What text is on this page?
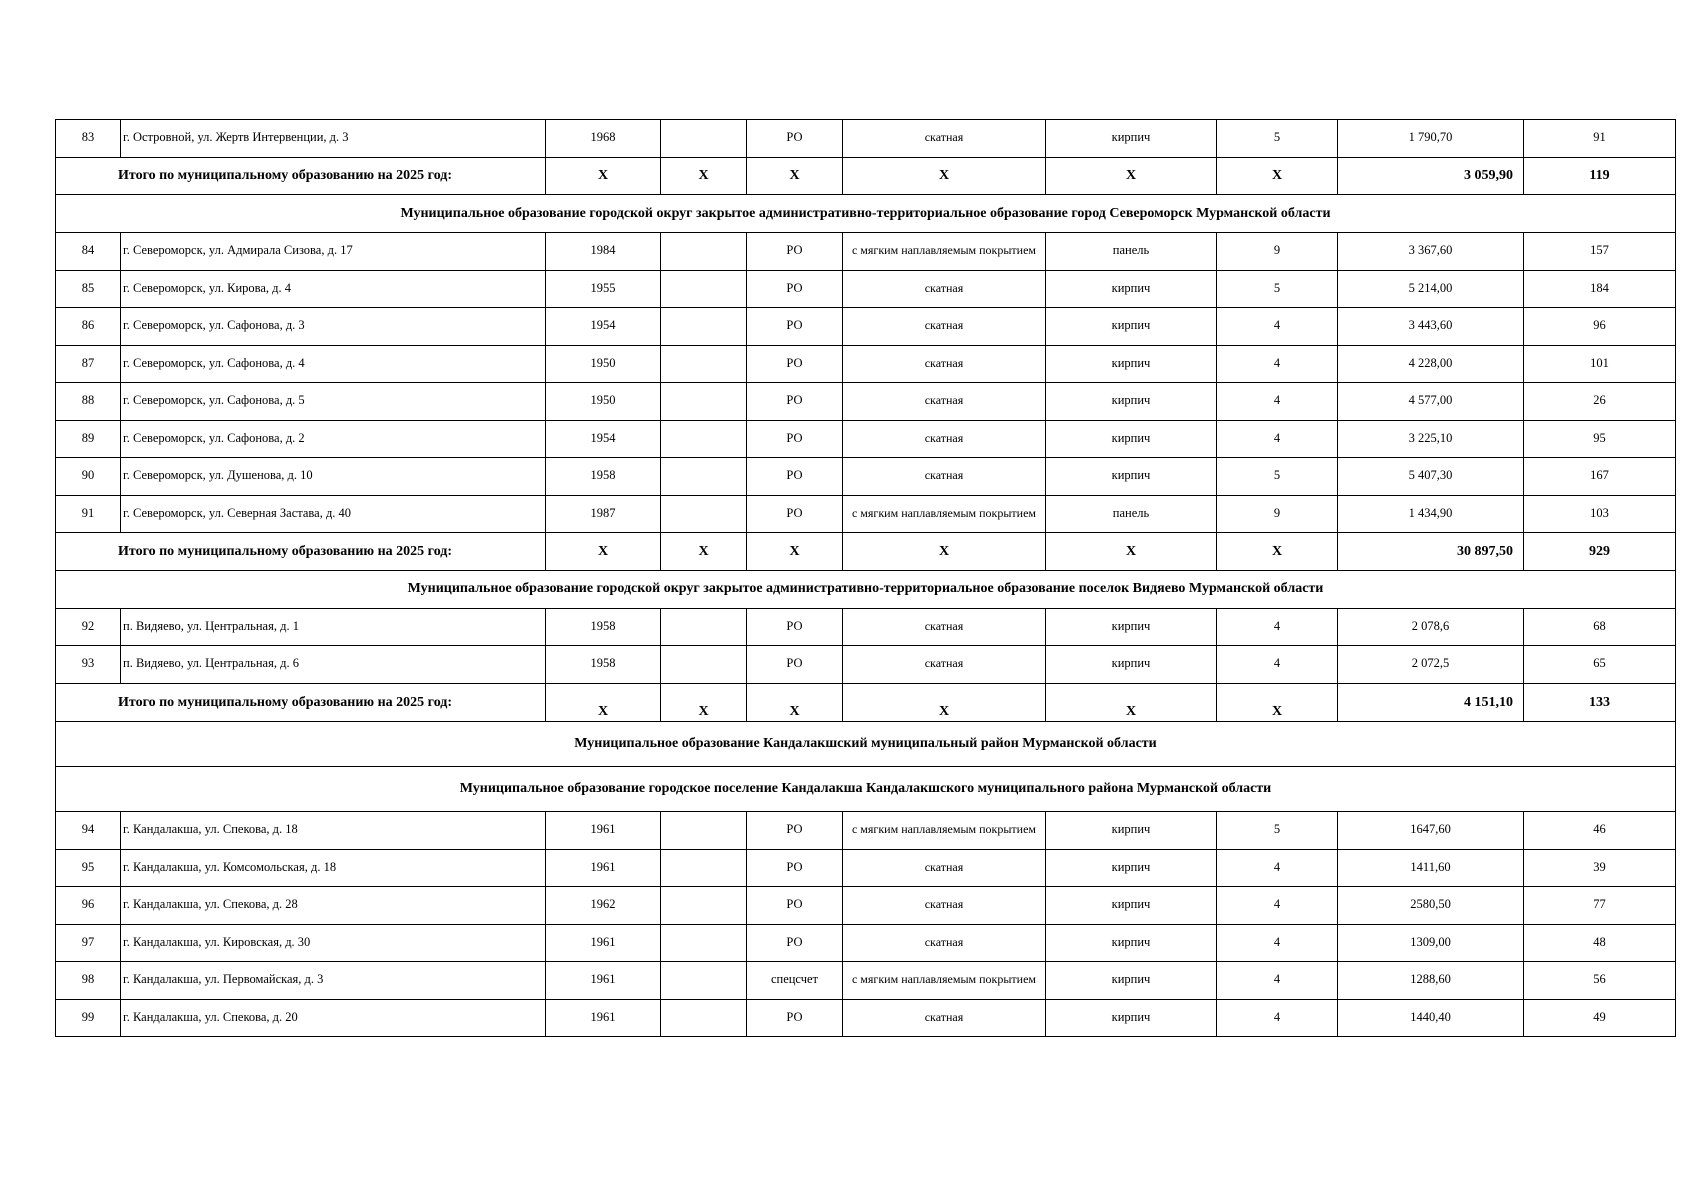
83	г. Островной, ул. Жертв Интервенции, д. 3	1968		РО	скатная	кирпич	5	1 790,70	91
Итого по муниципальному образованию на 2025 год:		X	X	X	X	X	X	3 059,90	119
Муниципальное образование городской округ закрытое административно-территориальное образование город Североморск Мурманской области									
84	г. Североморск, ул. Адмирала Сизова, д. 17	1984		РО	с мягким наплавляемым покрытием	панель	9	3 367,60	157
85	г. Североморск, ул. Кирова, д. 4	1955		РО	скатная	кирпич	5	5 214,00	184
86	г. Североморск, ул. Сафонова, д. 3	1954		РО	скатная	кирпич	4	3 443,60	96
87	г. Североморск, ул. Сафонова, д. 4	1950		РО	скатная	кирпич	4	4 228,00	101
88	г. Североморск, ул. Сафонова, д. 5	1950		РО	скатная	кирпич	4	4 577,00	26
89	г. Североморск, ул. Сафонова, д. 2	1954		РО	скатная	кирпич	4	3 225,10	95
90	г. Североморск, ул. Душенова, д. 10	1958		РО	скатная	кирпич	5	5 407,30	167
91	г. Североморск, ул. Северная Застава, д. 40	1987		РО	с мягким наплавляемым покрытием	панель	9	1 434,90	103
Итого по муниципальному образованию на 2025 год:		X	X	X	X	X	X	30 897,50	929
Муниципальное образование городской округ закрытое административно-территориальное образование поселок Видяево Мурманской области									
92	п. Видяево, ул. Центральная, д. 1	1958		РО	скатная	кирпич	4	2 078,6	68
93	п. Видяево, ул. Центральная, д. 6	1958		РО	скатная	кирпич	4	2 072,5	65
Итого по муниципальному образованию на 2025 год:		X	X	X	X	X	X	4 151,10	133
Муниципальное образование Кандалакшский муниципальный район Мурманской области									
Муниципальное образование городское поселение Кандалакша Кандалакшского муниципального района Мурманской области									
94	г. Кандалакша, ул. Спекова, д. 18	1961		РО	с мягким наплавляемым покрытием	кирпич	5	1647,60	46
95	г. Кандалакша, ул. Комсомольская, д. 18	1961		РО	скатная	кирпич	4	1411,60	39
96	г. Кандалакша, ул. Спекова, д. 28	1962		РО	скатная	кирпич	4	2580,50	77
97	г. Кандалакша, ул. Кировская, д. 30	1961		РО	скатная	кирпич	4	1309,00	48
98	г. Кандалакша, ул. Первомайская, д. 3	1961		спецсчет	с мягким наплавляемым покрытием	кирпич	4	1288,60	56
99	г. Кандалакша, ул. Спекова, д. 20	1961		РО	скатная	кирпич	4	1440,40	49
